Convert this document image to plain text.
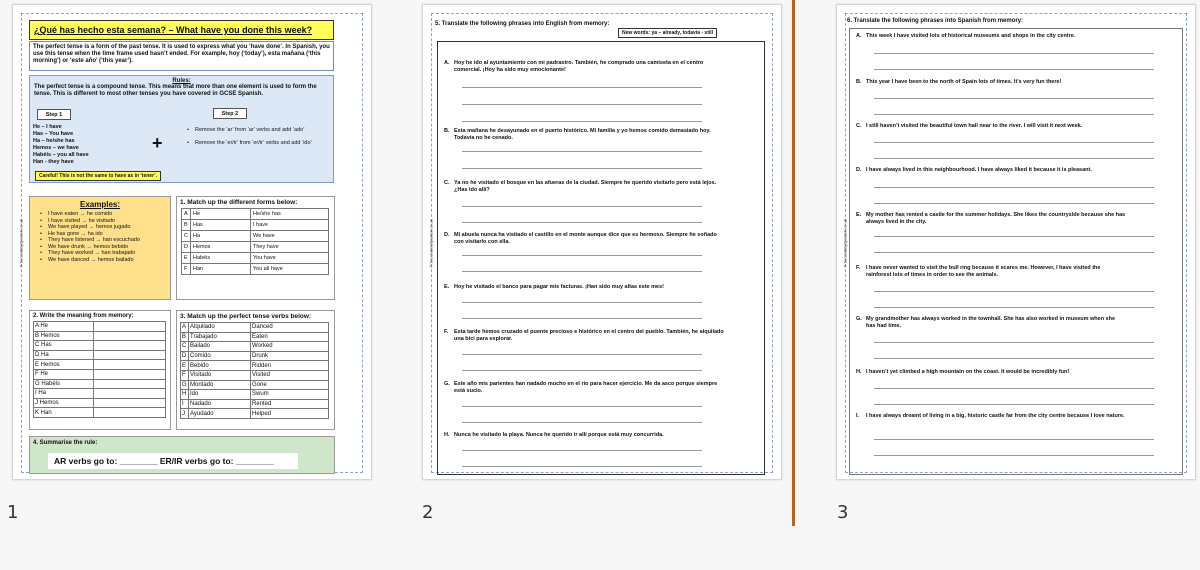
© SecondarySpanish.co.uk
¿Qué has hecho esta semana? – What have you done this week?
The perfect tense is a form of the past tense. It is used to express what you ‘have done’. In Spanish, you use this tense when the time frame used hasn’t ended. For example, hoy (‘today’), esta mañana (‘this morning’) or ‘este año’ (‘this year’).
Rules:
The perfect tense is a compound tense. This means that more than one element is used to form the tense. This is different to most other tenses you have covered in GCSE Spanish.
Step 1	Step 2
He – I have
Has – You have
Ha – he/she has
Hemos – we have
Habéis – you all have
Han - they have
+
• Remove the ‘ar’ from ‘ar’ verbs and add ‘ado’
• Remove the ‘er/ir’ from ‘er/ir’ verbs and add ‘ido’
Careful! This is not the same to have as in ‘tener’.
Examples:
• I have eaten → he comido
• I have visited → he visitado
• We have played → hemos jugado
• He has gone → ha ido
• They have listened → han escuchado
• We have drunk → hemos bebido
• They have worked → han trabajado
• We have danced → hemos bailado
1. Match up the different forms below:
A	He	He/she has
B	Has	I have
C	Ha	We have
D	Hemos	They have
E	Habéis	You have
F	Han	You all have
2. Write the meaning from memory:
A He	
B Hemos	
C Has	
D Ha	
E Hemos	
F He	
G Habéis	
I Ha	
J Hemos	
K Han	
3. Match up the perfect tense verbs below:
A	Alquilado	Danced
B	Trabajado	Eaten
C	Bailado	Worked
D	Comido	Drunk
E	Bebido	Ridden
F	Visitado	Visited
G	Montado	Gone
H	Ido	Swum
I	Nadado	Rented
J	Ayudado	Helped
4. Summarise the rule:
AR verbs go to: ________ ER/IR verbs go to: ________
1
© SecondarySpanish.co.uk
5. Translate the following phrases into English from memory:
New words: ya – already, todavía - still
A. Hoy he ido al ayuntamiento con mi padrastro. También, he comprado una camiseta en el centro comercial. ¡Hoy ha sido muy emocionante!
B. Esta mañana he desayunado en el puerto histórico. Mi familia y yo hemos comido demasiado hoy. Todavía no he cenado.
C. Ya no he visitado el bosque en las afueras de la ciudad. Siempre he querido visitarlo pero está lejos. ¿Has ido allí?
D. Mi abuela nunca ha visitado el castillo en el monte aunque dice que es hermoso. Siempre he soñado con visitarlo con ella.
E. Hoy he visitado el banco para pagar mis facturas. ¡Han sido muy altas este mes!
F.	Esta tarde hemos cruzado el puente precioso e histórico en el centro del pueblo. También, he alquilado una bici para explorar.
G. Este año mis parientes han nadado mucho en el río para hacer ejercicio. Me da asco porque siempre está sucio.
H. Nunca he visitado la playa. Nunca he querido ir allí porque está muy concurrida.
2
© SecondarySpanish.co.uk
6. Translate the following phrases into Spanish from memory:
A. This week I have visited lots of historical museums and shops in the city centre.
B. This year I have been to the north of Spain lots of times. It’s very fun there!
C. I still haven’t visited the beautiful town hall near to the river. I will visit it next week.
D. I have always lived in this neighbourhood. I have always liked it because it is pleasant.
E. My mother has rented a castle for the summer holidays. She likes the countryside because she has always lived in the city.
F.	I have never wanted to visit the bull ring because it scares me. However, I have visited the rainforest lots of times in order to see the animals.
G. My grandmother has always worked in the townhall. She has also worked in museum when she has had time.
H. I haven’t yet climbed a high mountain on the coast. It would be incredibly fun!
I.	I have always dreamt of living in a big, historic castle far from the city centre because I love nature.
3
